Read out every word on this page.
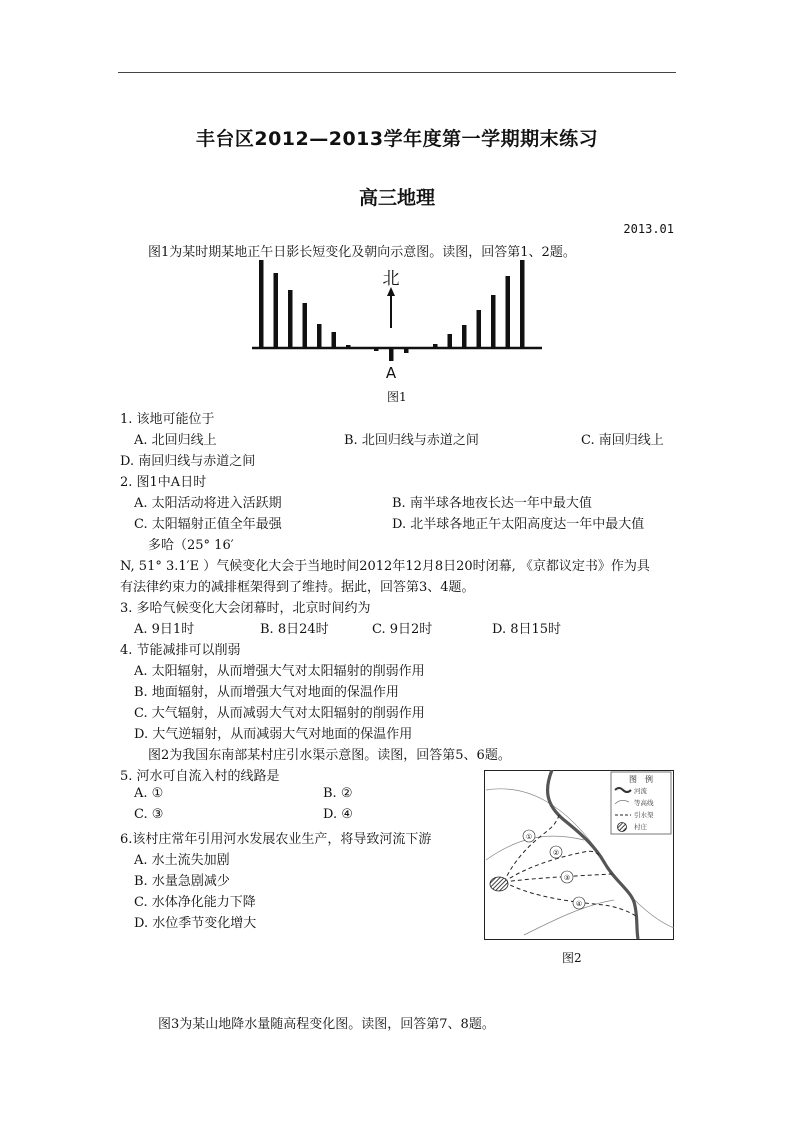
丰台区2012—2013学年度第一学期期末练习
高三地理
2013.01
图1为某时期某地正午日影长短变化及朝向示意图。读图，回答第1、2题。
北
A
图1
1. 该地可能位于
A. 北回归线上	B. 北回归线与赤道之间	C. 南回归线上
D. 南回归线与赤道之间
2. 图1中A日时
A. 太阳活动将进入活跃期	B. 南半球各地夜长达一年中最大值
C. 太阳辐射正值全年最强	D. 北半球各地正午太阳高度达一年中最大值
多哈（25° 16′
N, 51° 3.1′E ）气候变化大会于当地时间2012年12月8日20时闭幕, 《京都议定书》作为具
有法律约束力的减排框架得到了维持。据此，回答第3、4题。
3. 多哈气候变化大会闭幕时，北京时间约为
A. 9日1时	B. 8日24时	C. 9日2时	D. 8日15时
4. 节能减排可以削弱
A. 太阳辐射，从而增强大气对太阳辐射的削弱作用
B. 地面辐射，从而增强大气对地面的保温作用
C. 大气辐射，从而减弱大气对太阳辐射的削弱作用
D. 大气逆辐射，从而减弱大气对地面的保温作用
图2为我国东南部某村庄引水渠示意图。读图，回答第5、6题。
5. 河水可自流入村的线路是
A. ①	B. ②
C. ③	D. ④
6.该村庄常年引用河水发展农业生产，将导致河流下游
A. 水土流失加剧
B. 水量急剧减少
C. 水体净化能力下降
D. 水位季节变化增大
图　例
河流
等高线
引水渠
村庄
①
②
③
④
图2
图3为某山地降水量随高程变化图。读图，回答第7、8题。
